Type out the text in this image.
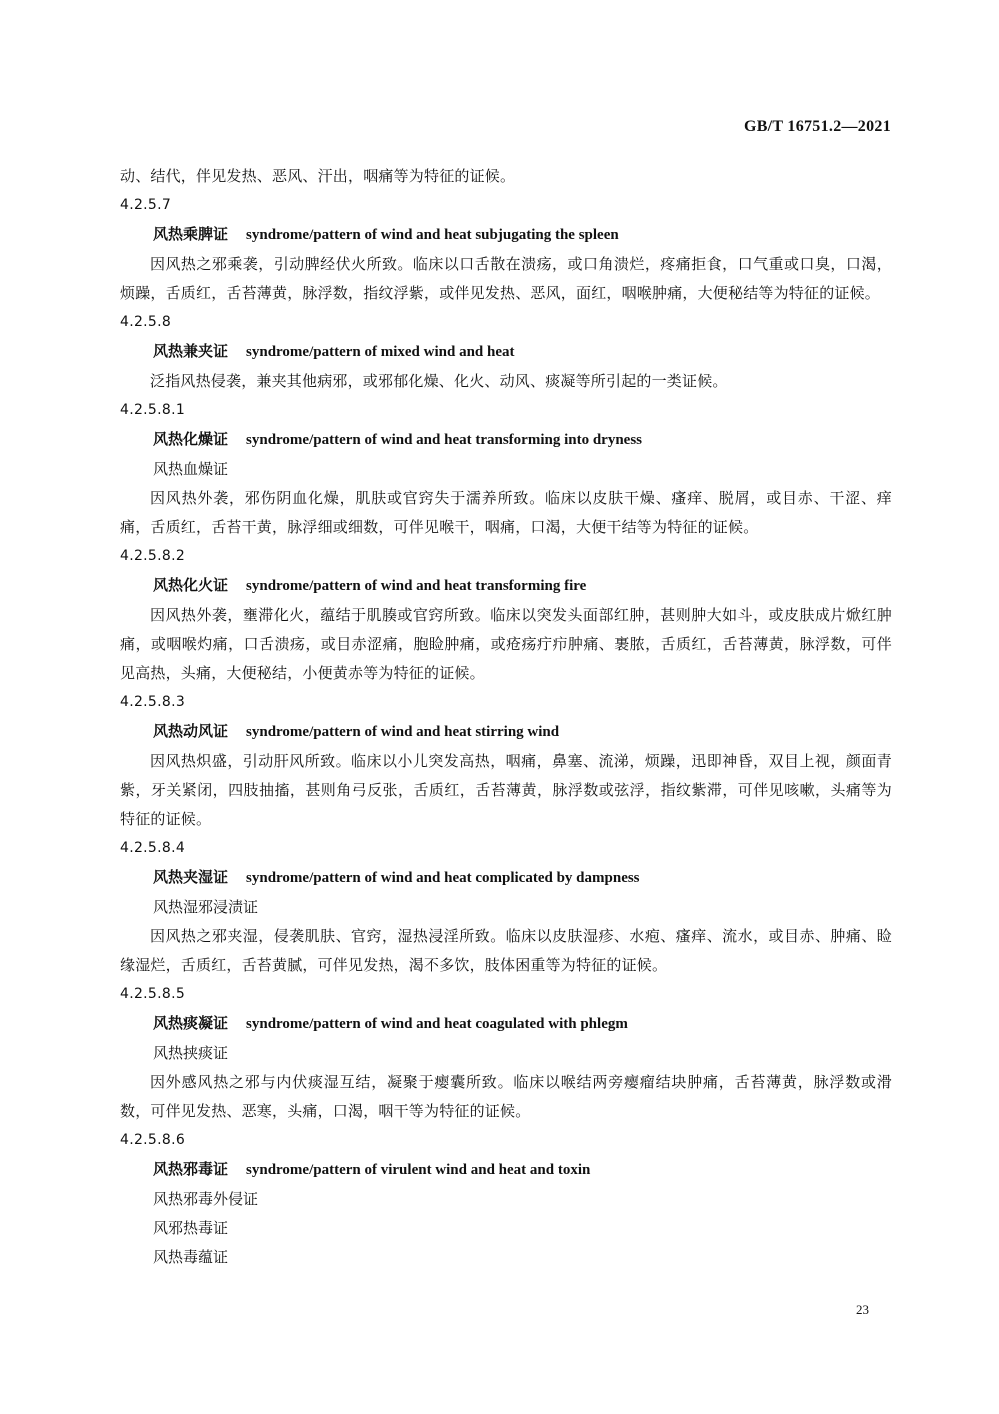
GB/T 16751.2—2021
动、结代，伴见发热、恶风、汗出，咽痛等为特征的证候。
4.2.5.7
风热乘脾证 syndrome/pattern of wind and heat subjugating the spleen
因风热之邪乘袭，引动脾经伏火所致。临床以口舌散在溃疡，或口角溃烂，疼痛拒食，口气重或口臭，口渴，烦躁，舌质红，舌苔薄黄，脉浮数，指纹浮紫，或伴见发热、恶风，面红，咽喉肿痛，大便秘结等为特征的证候。
4.2.5.8
风热兼夹证 syndrome/pattern of mixed wind and heat
泛指风热侵袭，兼夹其他病邪，或邪郁化燥、化火、动风、痰凝等所引起的一类证候。
4.2.5.8.1
风热化燥证 syndrome/pattern of wind and heat transforming into dryness
风热血燥证
因风热外袭，邪伤阴血化燥，肌肤或官窍失于濡养所致。临床以皮肤干燥、瘙痒、脱屑，或目赤、干涩、痒痛，舌质红，舌苔干黄，脉浮细或细数，可伴见喉干，咽痛，口渴，大便干结等为特征的证候。
4.2.5.8.2
风热化火证 syndrome/pattern of wind and heat transforming fire
因风热外袭，壅滞化火，蕴结于肌腠或官窍所致。临床以突发头面部红肿，甚则肿大如斗，或皮肤成片焮红肿痛，或咽喉灼痛，口舌溃疡，或目赤涩痛，胞睑肿痛，或疮疡疔疖肿痛、裹脓，舌质红，舌苔薄黄，脉浮数，可伴见高热，头痛，大便秘结，小便黄赤等为特征的证候。
4.2.5.8.3
风热动风证 syndrome/pattern of wind and heat stirring wind
因风热炽盛，引动肝风所致。临床以小儿突发高热，咽痛，鼻塞、流涕，烦躁，迅即神昏，双目上视，颜面青紫，牙关紧闭，四肢抽搐，甚则角弓反张，舌质红，舌苔薄黄，脉浮数或弦浮，指纹紫滞，可伴见咳嗽，头痛等为特征的证候。
4.2.5.8.4
风热夹湿证 syndrome/pattern of wind and heat complicated by dampness
风热湿邪浸渍证
因风热之邪夹湿，侵袭肌肤、官窍，湿热浸淫所致。临床以皮肤湿疹、水疱、瘙痒、流水，或目赤、肿痛、睑缘湿烂，舌质红，舌苔黄腻，可伴见发热，渴不多饮，肢体困重等为特征的证候。
4.2.5.8.5
风热痰凝证 syndrome/pattern of wind and heat coagulated with phlegm
风热挟痰证
因外感风热之邪与内伏痰湿互结，凝聚于瘿囊所致。临床以喉结两旁瘿瘤结块肿痛，舌苔薄黄，脉浮数或滑数，可伴见发热、恶寒，头痛，口渴，咽干等为特征的证候。
4.2.5.8.6
风热邪毒证 syndrome/pattern of virulent wind and heat and toxin
风热邪毒外侵证
风邪热毒证
风热毒蕴证
23
